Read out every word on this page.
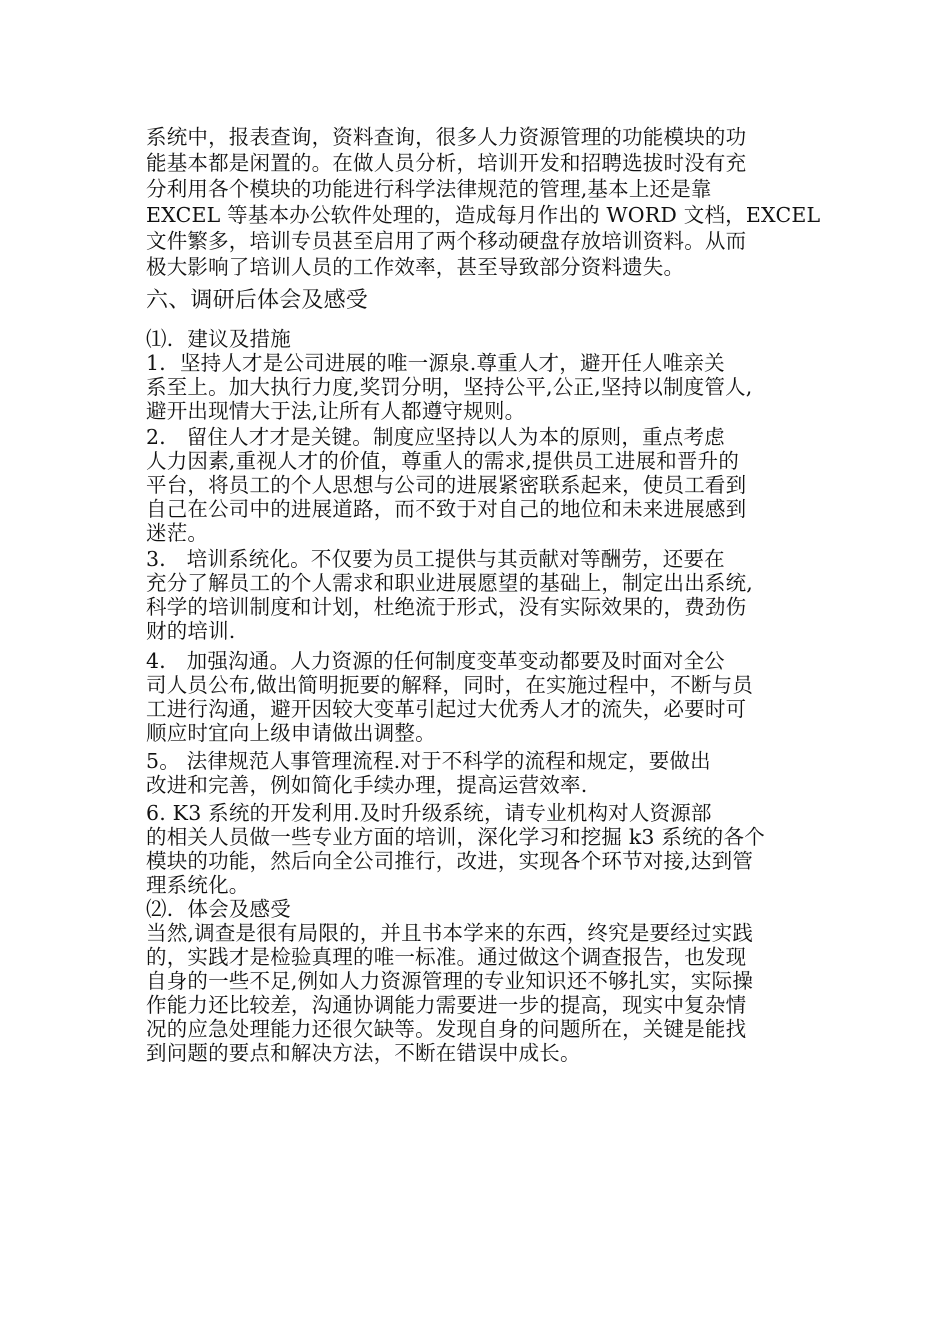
系统中，报表查询，资料查询，很多人力资源管理的功能模块的功
能基本都是闲置的。在做人员分析，培训开发和招聘选拔时没有充
分利用各个模块的功能进行科学法律规范的管理,基本上还是靠
EXCEL 等基本办公软件处理的，造成每月作出的 WORD 文档，EXCEL
文件繁多，培训专员甚至启用了两个移动硬盘存放培训资料。从而
极大影响了培训人员的工作效率，甚至导致部分资料遗失。
六、调研后体会及感受
⑴．建议及措施
1．坚持人才是公司进展的唯一源泉.尊重人才，避开任人唯亲关
系至上。加大执行力度,奖罚分明，坚持公平,公正,坚持以制度管人,
避开出现情大于法,让所有人都遵守规则。
2． 留住人才才是关键。制度应坚持以人为本的原则，重点考虑
人力因素,重视人才的价值，尊重人的需求,提供员工进展和晋升的
平台，将员工的个人思想与公司的进展紧密联系起来，使员工看到
自己在公司中的进展道路，而不致于对自己的地位和未来进展感到
迷茫。
3． 培训系统化。不仅要为员工提供与其贡献对等酬劳，还要在
充分了解员工的个人需求和职业进展愿望的基础上，制定出出系统,
科学的培训制度和计划，杜绝流于形式，没有实际效果的，费劲伤
财的培训.
4． 加强沟通。人力资源的任何制度变革变动都要及时面对全公
司人员公布,做出简明扼要的解释，同时，在实施过程中，不断与员
工进行沟通，避开因较大变革引起过大优秀人才的流失，必要时可
顺应时宜向上级申请做出调整。
5。 法律规范人事管理流程.对于不科学的流程和规定，要做出
改进和完善，例如简化手续办理，提高运营效率.
6. K3 系统的开发利用.及时升级系统，请专业机构对人资源部
的相关人员做一些专业方面的培训，深化学习和挖掘 k3 系统的各个
模块的功能，然后向全公司推行，改进，实现各个环节对接,达到管
理系统化。
⑵．体会及感受
当然,调查是很有局限的，并且书本学来的东西，终究是要经过实践
的，实践才是检验真理的唯一标准。通过做这个调查报告，也发现
自身的一些不足,例如人力资源管理的专业知识还不够扎实，实际操
作能力还比较差，沟通协调能力需要进一步的提高，现实中复杂情
况的应急处理能力还很欠缺等。发现自身的问题所在，关键是能找
到问题的要点和解决方法，不断在错误中成长。
